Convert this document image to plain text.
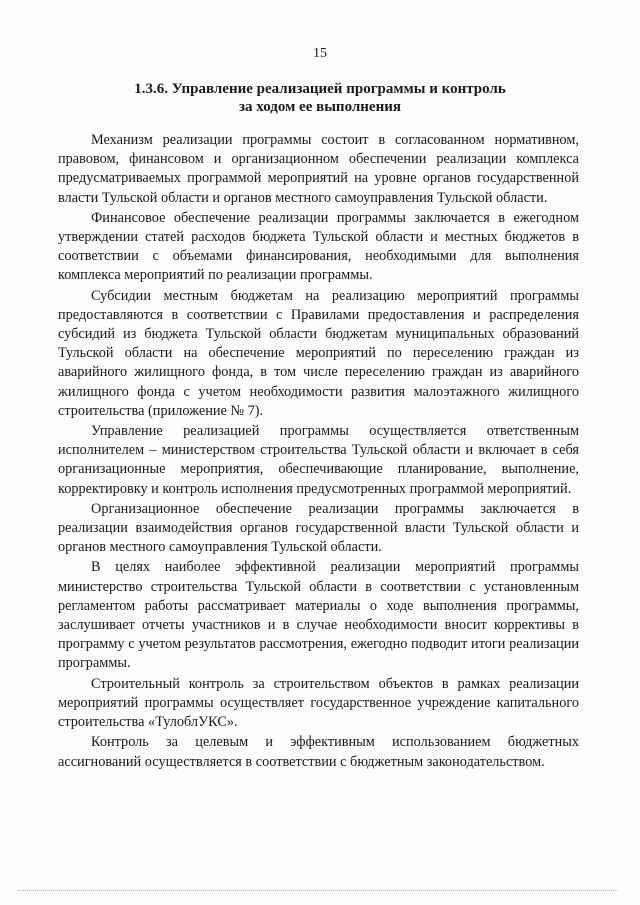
15
1.3.6. Управление реализацией программы и контроль
за ходом ее выполнения

Механизм реализации программы состоит в согласованном нормативном, правовом, финансовом и организационном обеспечении реализации комплекса предусматриваемых программой мероприятий на уровне органов государственной власти Тульской области и органов местного самоуправления Тульской области.

Финансовое обеспечение реализации программы заключается в ежегодном утверждении статей расходов бюджета Тульской области и местных бюджетов в соответствии с объемами финансирования, необходимыми для выполнения комплекса мероприятий по реализации программы.

Субсидии местным бюджетам на реализацию мероприятий программы предоставляются в соответствии с Правилами предоставления и распределения субсидий из бюджета Тульской области бюджетам муниципальных образований Тульской области на обеспечение мероприятий по переселению граждан из аварийного жилищного фонда, в том числе переселению граждан из аварийного жилищного фонда с учетом необходимости развития малоэтажного жилищного строительства (приложение № 7).

Управление реализацией программы осуществляется ответственным исполнителем – министерством строительства Тульской области и включает в себя организационные мероприятия, обеспечивающие планирование, выполнение, корректировку и контроль исполнения предусмотренных программой мероприятий.

Организационное обеспечение реализации программы заключается в реализации взаимодействия органов государственной власти Тульской области и органов местного самоуправления Тульской области.

В целях наиболее эффективной реализации мероприятий программы министерство строительства Тульской области в соответствии с установленным регламентом работы рассматривает материалы о ходе выполнения программы, заслушивает отчеты участников и в случае необходимости вносит коррективы в программу с учетом результатов рассмотрения, ежегодно подводит итоги реализации программы.

Строительный контроль за строительством объектов в рамках реализации мероприятий программы осуществляет государственное учреждение капитального строительства «ТулоблУКС».

Контроль за целевым и эффективным использованием бюджетных ассигнований осуществляется в соответствии с бюджетным законодательством.
